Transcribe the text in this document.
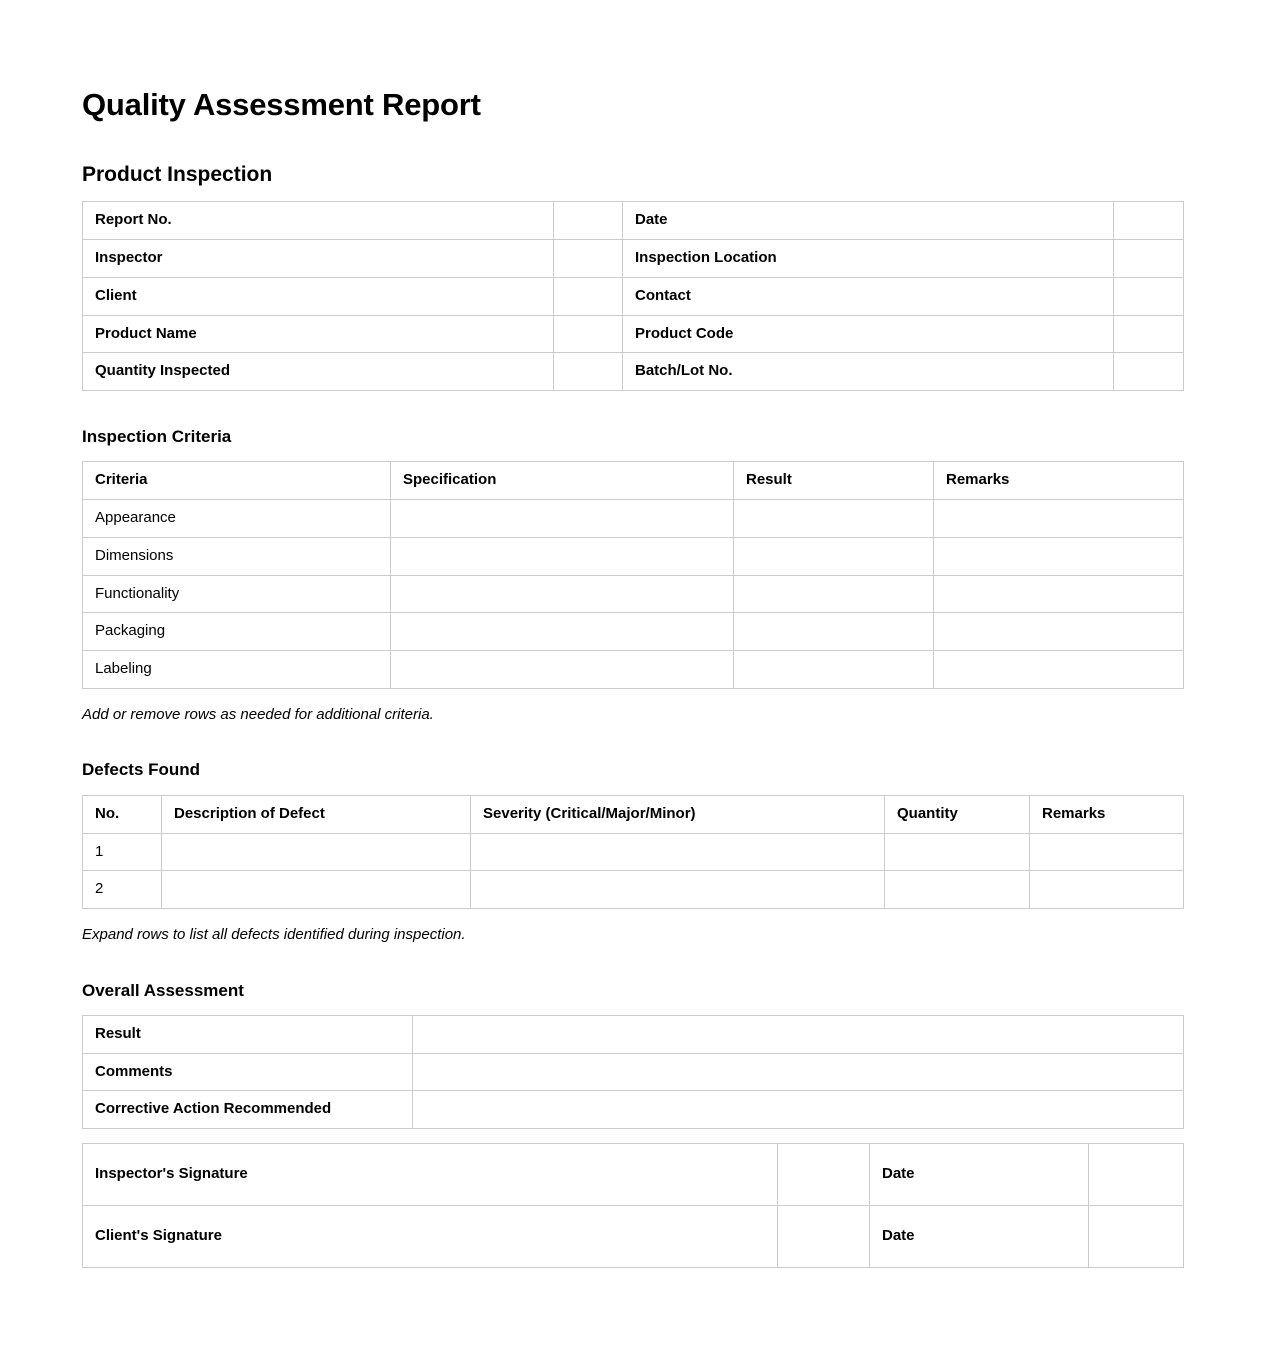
Quality Assessment Report
Product Inspection
Report No.		Date	
Inspector		Inspection Location	
Client		Contact	
Product Name		Product Code	
Quantity Inspected		Batch/Lot No.	
Inspection Criteria
Criteria	Specification	Result	Remarks
Appearance			
Dimensions			
Functionality			
Packaging			
Labeling			

Add or remove rows as needed for additional criteria.

Defects Found
No.	Description of Defect	Severity (Critical/Major/Minor)	Quantity	Remarks
1				
2				

Expand rows to list all defects identified during inspection.

Overall Assessment
Result	
Comments	
Corrective Action Recommended	
Inspector's Signature		Date	
Client's Signature		Date	
